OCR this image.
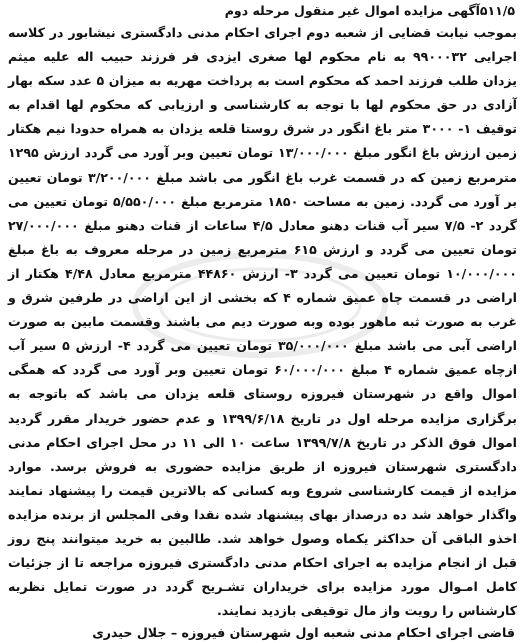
۵۱۱/۵آگهی مزایده اموال غیر منقول مرحله دوم

بموجب نیابت قضایی از شعبه دوم اجرای احکام مدنی دادگستری نیشابور در کلاسه اجرایی ۹۹۰۰۰۳۲ به نام محکوم لها صغری ایزدی فر فرزند حبیب اله علیه میثم یزدان طلب فرزند احمد که محکوم است به پرداخت مهریه به میزان ۵ عدد سکه بهار آزادی در حق محکوم لها با توجه به کارشناسی و ارزیابی که محکوم لها اقدام به توقیف ۱- ۳۰۰۰ متر باغ انگور در شرق روستا قلعه یزدان به همراه حدودا نیم هکتار زمین ارزش باغ انگور مبلغ ۱۳/۰۰۰/۰۰۰ تومان تعیین وبر آورد می گردد ارزش ۱۲۹۵ مترمربع زمین که در قسمت غرب باغ انگور می باشد مبلغ ۳/۲۰۰/۰۰۰ تومان تعیین بر آورد می گردد. زمین به مساحت ۱۸۵۰ مترمربع مبلغ ۵/۵۵۰/۰۰۰ تومان تعیین می گردد ۲- ۷/۵ سیر آب قنات دهنو معادل ۴/۵ ساعات از قنات دهنو مبلغ ۲۷/۰۰۰/۰۰۰ تومان تعیین می گردد و ارزش ۶۱۵ مترمربع زمین در مرحله معروف به باغ مبلغ ۱۰/۰۰۰/۰۰۰ تومان تعیین می گردد ۳- ارزش ۴۴۸۶۰ مترمربع معادل ۴/۴۸ هکتار از اراضی در قسمت چاه عمیق شماره ۴ که بخشی از این اراضی در طرفین شرق و غرب به صورت ثبه ماهور بوده وبه صورت دیم می باشند وقسمت مابین به صورت اراضی آبی می باشد مبلغ ۳۵/۰۰۰/۰۰۰ تومان تعیین می گردد ۴- ارزش ۵ سیر آب ازچاه عمیق شماره ۴ مبلغ ۶۰/۰۰۰/۰۰۰ تومان تعیین وبر آورد می گردد که همگی اموال واقع در شهرستان فیروزه روستای قلعه یزدان می باشد که باتوجه به برگزاری مزایده مرحله اول در تاریخ ۱۳۹۹/۶/۱۸ و عدم حضور خریدار مقرر گردید اموال فوق الذکر در تاریخ ۱۳۹۹/۷/۸ ساعت ۱۰ الی ۱۱ در محل اجرای احکام مدنی دادگستری شهرستان فیروزه از طریق مزایده حضوری به فروش برسد. موارد مزایده از قیمت کارشناسی شروع وبه کسانی که بالاترین قیمت را پیشنهاد نمایند واگذار خواهد شد ده درصداز بهای پیشنهاد شده نقدا وفی المجلس از برنده مزایده اخذو الباقی آن حداکثر یکماه وصول خواهد شد. طالبین به خرید میتوانند پنج روز قبل از انجام مزایده به اجرای احکام مدنی دادگستری فیروزه مراجعه تا از جزئیات کامل امـوال مورد مزایده برای خریداران تشـریح گردد در صورت تمایل نظریه کارشناس را رویت واز مال توقیفی بازدید نمایند.

قاضی اجرای احکام مدنی شعبه اول شهرستان فیروزه – جلال حیدری
